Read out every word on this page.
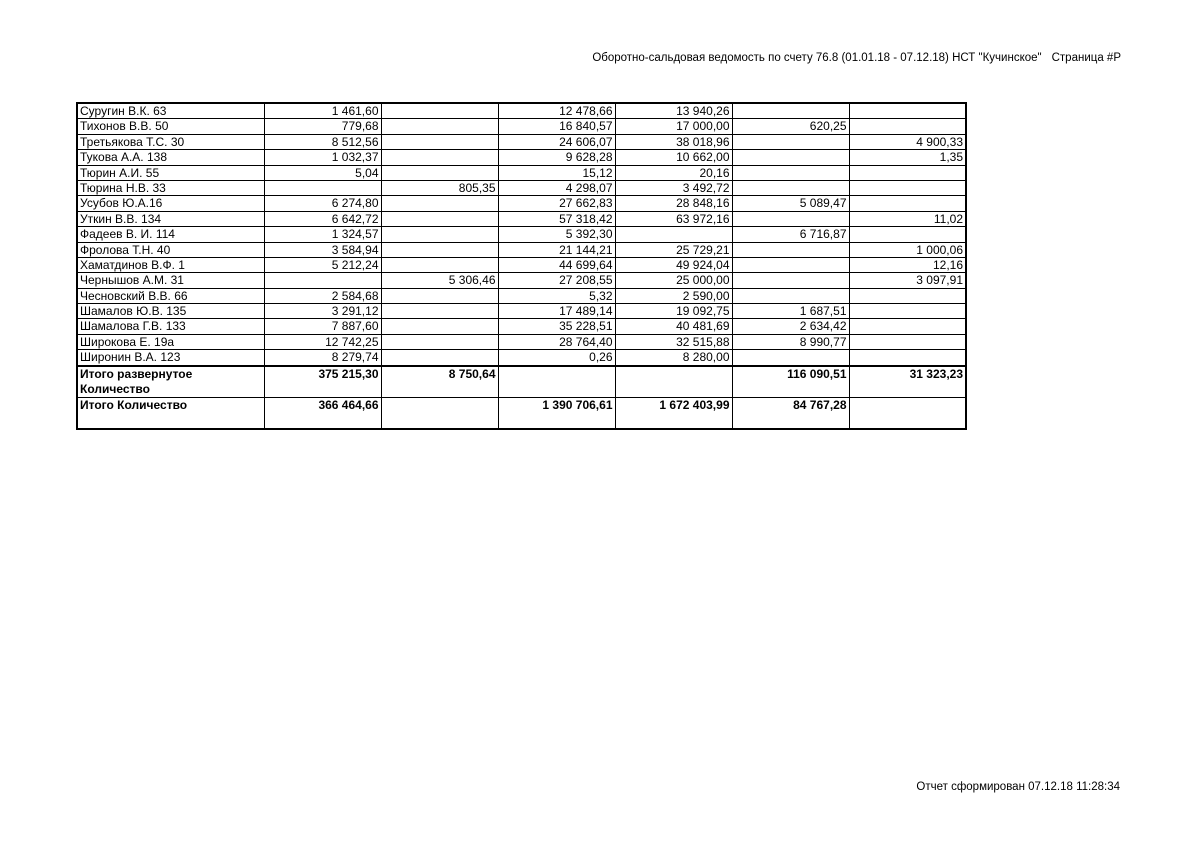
Оборотно-сальдовая ведомость по счету 76.8 (01.01.18 - 07.12.18) НСТ "Кучинское" Страница #P
Суругин В.К. 63	1 461,60		12 478,66	13 940,26		
Тихонов В.В. 50	779,68		16 840,57	17 000,00	620,25	
Третьякова Т.С. 30	8 512,56		24 606,07	38 018,96		4 900,33
Тукова А.А. 138	1 032,37		9 628,28	10 662,00		1,35
Тюрин А.И. 55	5,04		15,12	20,16		
Тюрина Н.В. 33		805,35	4 298,07	3 492,72		
Усубов Ю.А.16	6 274,80		27 662,83	28 848,16	5 089,47	
Уткин В.В. 134	6 642,72		57 318,42	63 972,16		11,02
Фадеев В. И. 114	1 324,57		5 392,30		6 716,87	
Фролова Т.Н. 40	3 584,94		21 144,21	25 729,21		1 000,06
Хаматдинов В.Ф. 1	5 212,24		44 699,64	49 924,04		12,16
Чернышов А.М. 31		5 306,46	27 208,55	25 000,00		3 097,91
Чесновский В.В. 66	2 584,68		5,32	2 590,00		
Шамалов Ю.В. 135	3 291,12		17 489,14	19 092,75	1 687,51	
Шамалова Г.В. 133	7 887,60		35 228,51	40 481,69	2 634,42	
Широкова Е. 19а	12 742,25		28 764,40	32 515,88	8 990,77	
Широнин В.А. 123	8 279,74		0,26	8 280,00		
Итого развернутое Количество	375 215,30	8 750,64			116 090,51	31 323,23
Итого Количество	366 464,66		1 390 706,61	1 672 403,99	84 767,28	
Отчет сформирован 07.12.18 11:28:34
